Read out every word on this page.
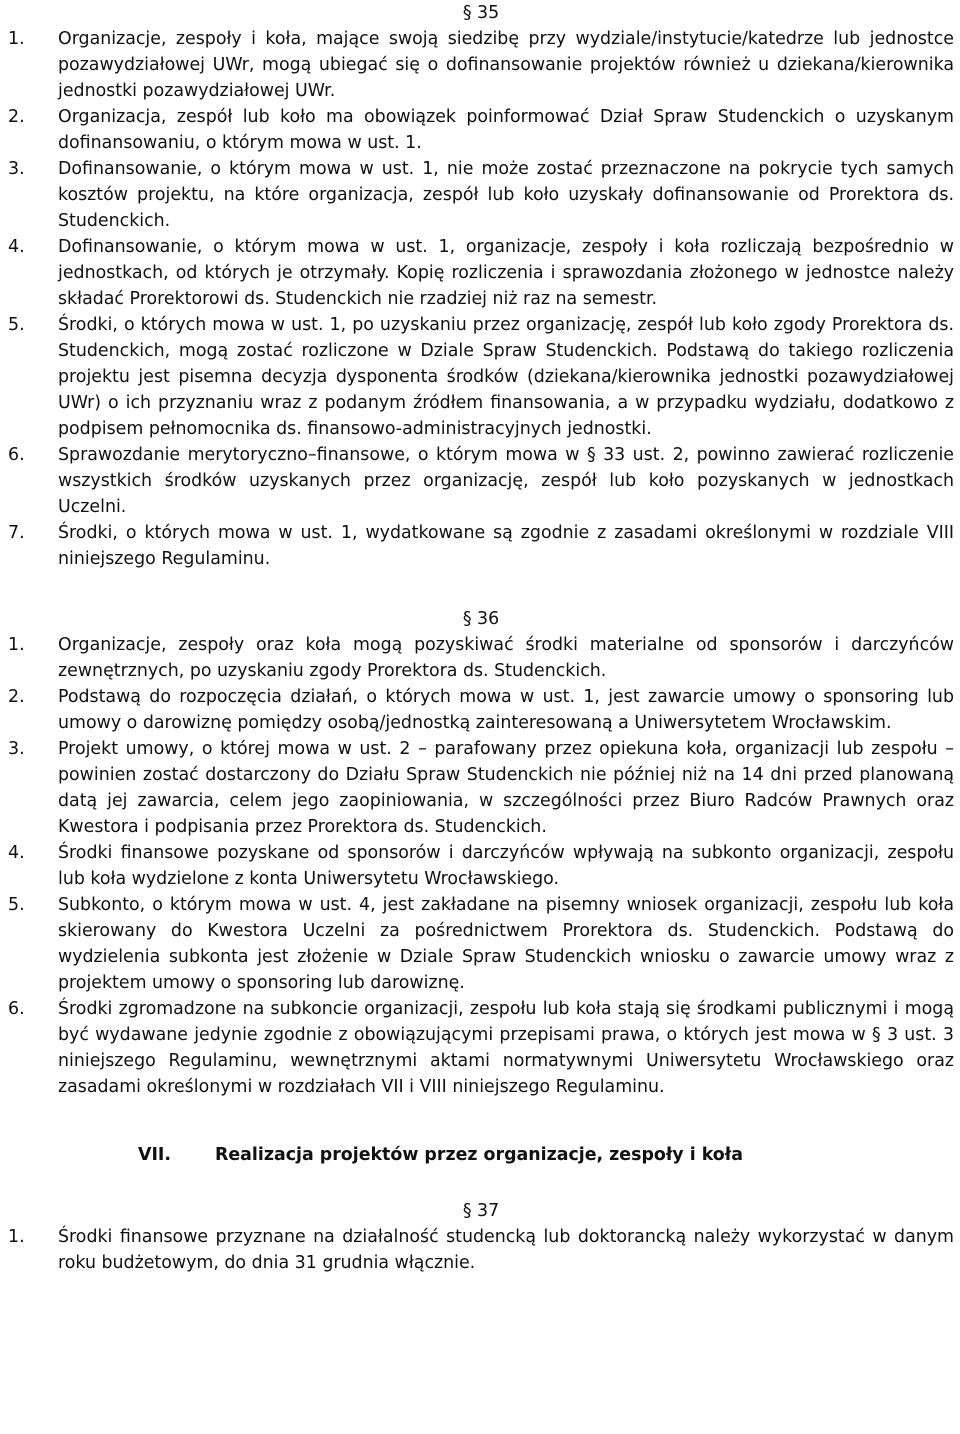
§ 35
1.	Organizacje, zespoły i koła, mające swoją siedzibę przy wydziale/instytucie/katedrze lub jednostce pozawydziałowej UWr, mogą ubiegać się o dofinansowanie projektów również u dziekana/kierownika jednostki pozawydziałowej UWr.
2.	Organizacja, zespół lub koło ma obowiązek poinformować Dział Spraw Studenckich o uzyskanym dofinansowaniu, o którym mowa w ust. 1.
3.	Dofinansowanie, o którym mowa w ust. 1, nie może zostać przeznaczone na pokrycie tych samych kosztów projektu, na które organizacja, zespół lub koło uzyskały dofinansowanie od Prorektora ds. Studenckich.
4.	Dofinansowanie, o którym mowa w ust. 1, organizacje, zespoły i koła rozliczają bezpośrednio w jednostkach, od których je otrzymały. Kopię rozliczenia i sprawozdania złożonego w jednostce należy składać Prorektorowi ds. Studenckich nie rzadziej niż raz na semestr.
5.	Środki, o których mowa w ust. 1, po uzyskaniu przez organizację, zespół lub koło zgody Prorektora ds. Studenckich, mogą zostać rozliczone w Dziale Spraw Studenckich. Podstawą do takiego rozliczenia projektu jest pisemna decyzja dysponenta środków (dziekana/kierownika jednostki pozawydziałowej UWr) o ich przyznaniu wraz z podanym źródłem finansowania, a w przypadku wydziału, dodatkowo z podpisem pełnomocnika ds. finansowo-administracyjnych jednostki.
6.	Sprawozdanie merytoryczno–finansowe, o którym mowa w § 33 ust. 2, powinno zawierać rozliczenie wszystkich środków uzyskanych przez organizację, zespół lub koło pozyskanych w jednostkach Uczelni.
7.	Środki, o których mowa w ust. 1, wydatkowane są zgodnie z zasadami określonymi w rozdziale VIII niniejszego Regulaminu.
§ 36
1.	Organizacje, zespoły oraz koła mogą pozyskiwać środki materialne od sponsorów i darczyńców zewnętrznych, po uzyskaniu zgody Prorektora ds. Studenckich.
2.	Podstawą do rozpoczęcia działań, o których mowa w ust. 1, jest zawarcie umowy o sponsoring lub umowy o darowiznę pomiędzy osobą/jednostką zainteresowaną a Uniwersytetem Wrocławskim.
3.	Projekt umowy, o której mowa w ust. 2 – parafowany przez opiekuna koła, organizacji lub zespołu – powinien zostać dostarczony do Działu Spraw Studenckich nie później niż na 14 dni przed planowaną datą jej zawarcia, celem jego zaopiniowania, w szczególności przez Biuro Radców Prawnych oraz Kwestora i podpisania przez Prorektora ds. Studenckich.
4.	Środki finansowe pozyskane od sponsorów i darczyńców wpływają na subkonto organizacji, zespołu lub koła wydzielone z konta Uniwersytetu Wrocławskiego.
5.	Subkonto, o którym mowa w ust. 4, jest zakładane na pisemny wniosek organizacji, zespołu lub koła skierowany do Kwestora Uczelni za pośrednictwem Prorektora ds. Studenckich. Podstawą do wydzielenia subkonta jest złożenie w Dziale Spraw Studenckich wniosku o zawarcie umowy wraz z projektem umowy o sponsoring lub darowiznę.
6.	Środki zgromadzone na subkoncie organizacji, zespołu lub koła stają się środkami publicznymi i mogą być wydawane jedynie zgodnie z obowiązującymi przepisami prawa, o których jest mowa w § 3 ust. 3 niniejszego Regulaminu, wewnętrznymi aktami normatywnymi Uniwersytetu Wrocławskiego oraz zasadami określonymi w rozdziałach VII i VIII niniejszego Regulaminu.
VII.	Realizacja projektów przez organizacje, zespoły i koła
§ 37
1.	Środki finansowe przyznane na działalność studencką lub doktorancką należy wykorzystać w danym roku budżetowym, do dnia 31 grudnia włącznie.
